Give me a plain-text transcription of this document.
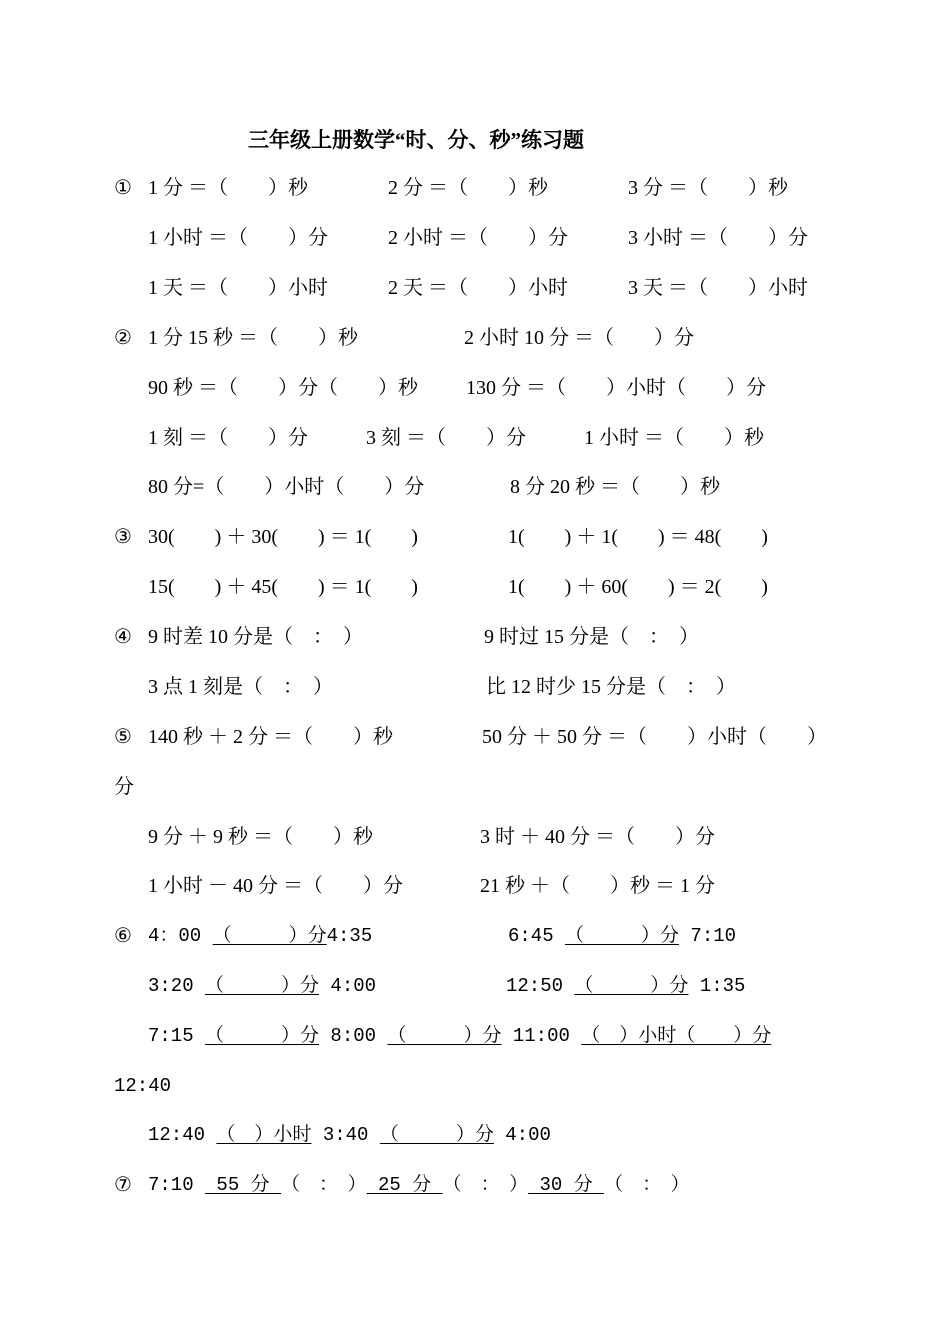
三年级上册数学“时、分、秒”练习题
① 1 分 ＝（　　）秒	2 分 ＝（　　）秒	3 分 ＝（　　）秒
1 小时 ＝（　　）分	2 小时 ＝（　　）分	3 小时 ＝（　　）分
1 天 ＝（　　）小时	2 天 ＝（　　）小时	3 天 ＝（　　）小时
② 1 分 15 秒 ＝（　　）秒	2 小时 10 分 ＝（　　）分
90 秒 ＝（　　）分（　　）秒 130 分 ＝（　　）小时（　　）分
1 刻 ＝（　　）分	3 刻 ＝（　　）分	1 小时 ＝（　　）秒
80 分=（　　）小时（　　）分	8 分 20 秒 ＝（　　）秒
③ 30(　　) ＋ 30(　　) ＝ 1(　　)	1(　　) ＋ 1(　　) ＝ 48(　　)
15(　　) ＋ 45(　　) ＝ 1(　　)	1(　　) ＋ 60(　　) ＝ 2(　　)
④ 9 时差 10 分是（　：　）	9 时过 15 分是（　：　）
3 点 1 刻是（　：　）	比 12 时少 15 分是（　：　）
⑤ 140 秒 ＋ 2 分 ＝（　　）秒	50 分 ＋ 50 分 ＝（　　）小时（　　）
分
9 分 ＋ 9 秒 ＝（　　）秒	3 时 ＋ 40 分 ＝（　　）分
1 小时 － 40 分 ＝（　　）分	21 秒 ＋（　　）秒 ＝ 1 分
⑥ 4：00 （　　　）分4:35	6:45 （　　　）分 7:10
3:20 （　　　）分 4:00	12:50 （　　　）分 1:35
7:15 （　　　）分 8:00 （　　　）分 11:00 （　）小时（　　）分
12:40
12:40 （　）小时 3:40 （　　　）分 4:00
⑦ 7:10  55 分 （　：　） 25 分 （　：　） 30 分 （　：　）
